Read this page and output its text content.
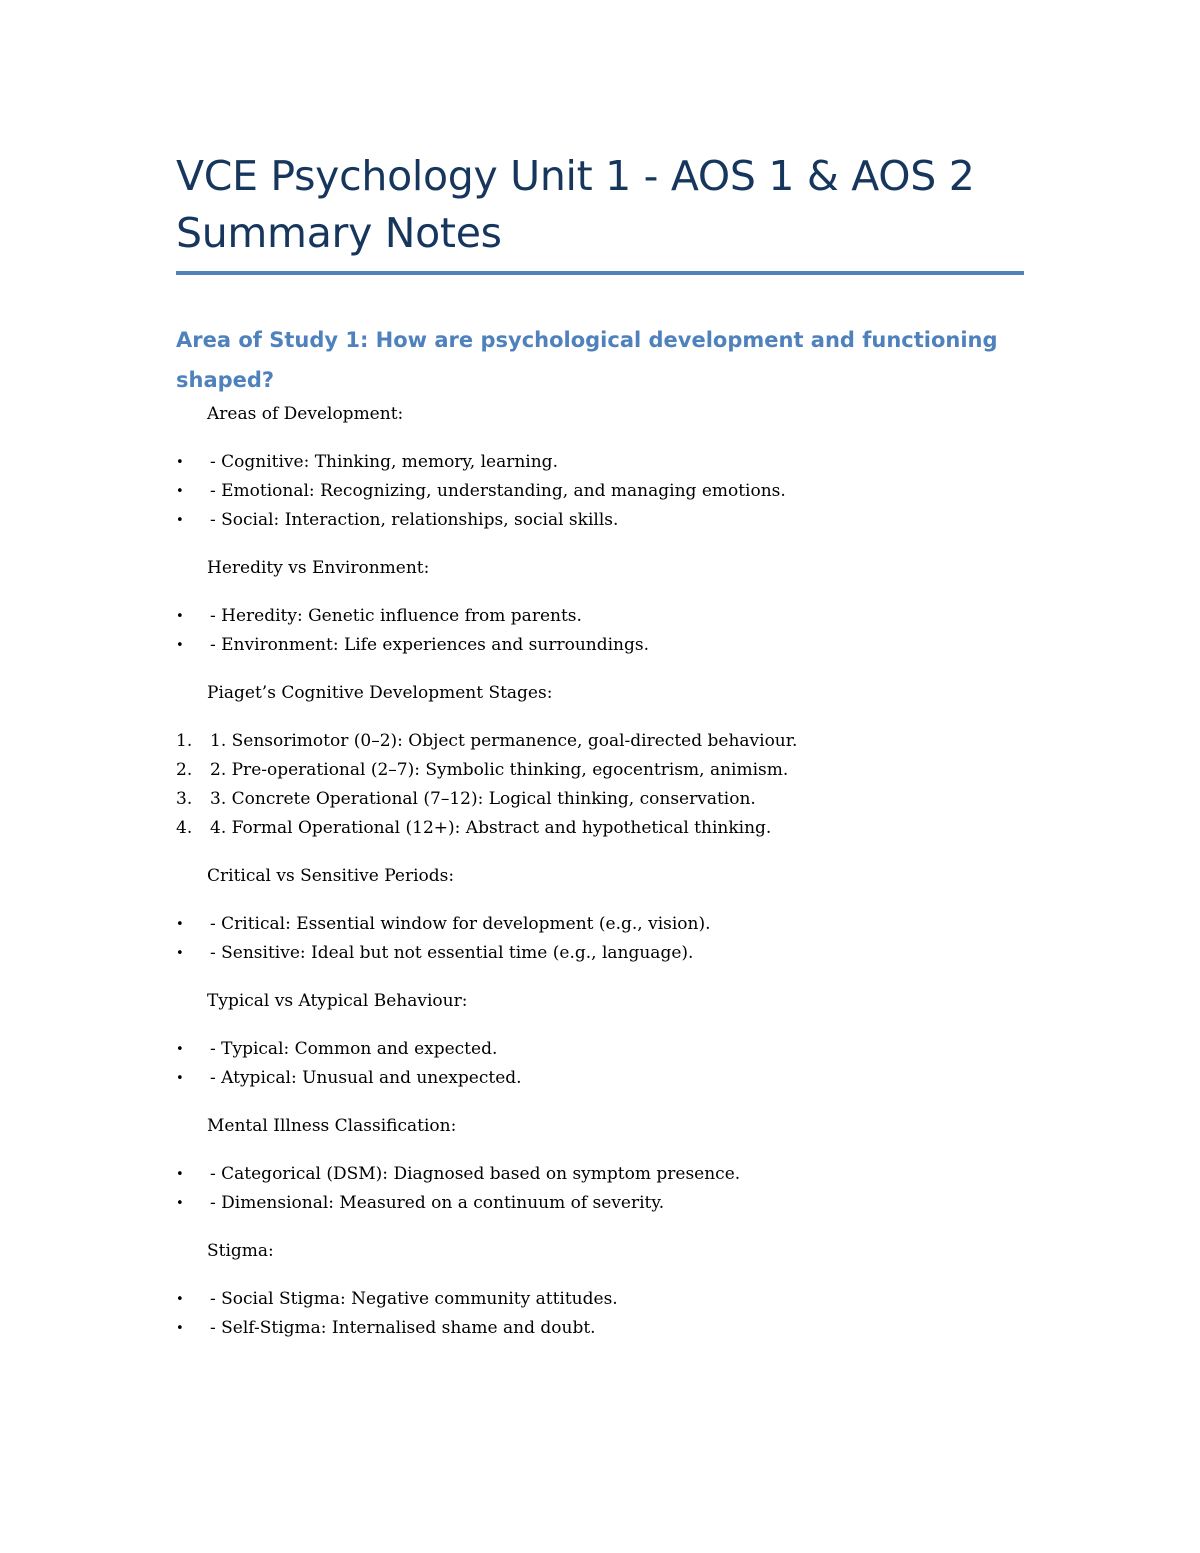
VCE Psychology Unit 1 - AOS 1 & AOS 2 Summary Notes
Area of Study 1: How are psychological development and functioning shaped?

Areas of Development:

•	- Cognitive: Thinking, memory, learning.
•	- Emotional: Recognizing, understanding, and managing emotions.
•	- Social: Interaction, relationships, social skills.

Heredity vs Environment:

•	- Heredity: Genetic influence from parents.
•	- Environment: Life experiences and surroundings.

Piaget’s Cognitive Development Stages:

1.	1. Sensorimotor (0–2): Object permanence, goal-directed behaviour.
2.	2. Pre-operational (2–7): Symbolic thinking, egocentrism, animism.
3.	3. Concrete Operational (7–12): Logical thinking, conservation.
4.	4. Formal Operational (12+): Abstract and hypothetical thinking.

Critical vs Sensitive Periods:

•	- Critical: Essential window for development (e.g., vision).
•	- Sensitive: Ideal but not essential time (e.g., language).

Typical vs Atypical Behaviour:

•	- Typical: Common and expected.
•	- Atypical: Unusual and unexpected.

Mental Illness Classification:

•	- Categorical (DSM): Diagnosed based on symptom presence.
•	- Dimensional: Measured on a continuum of severity.

Stigma:

•	- Social Stigma: Negative community attitudes.
•	- Self-Stigma: Internalised shame and doubt.
